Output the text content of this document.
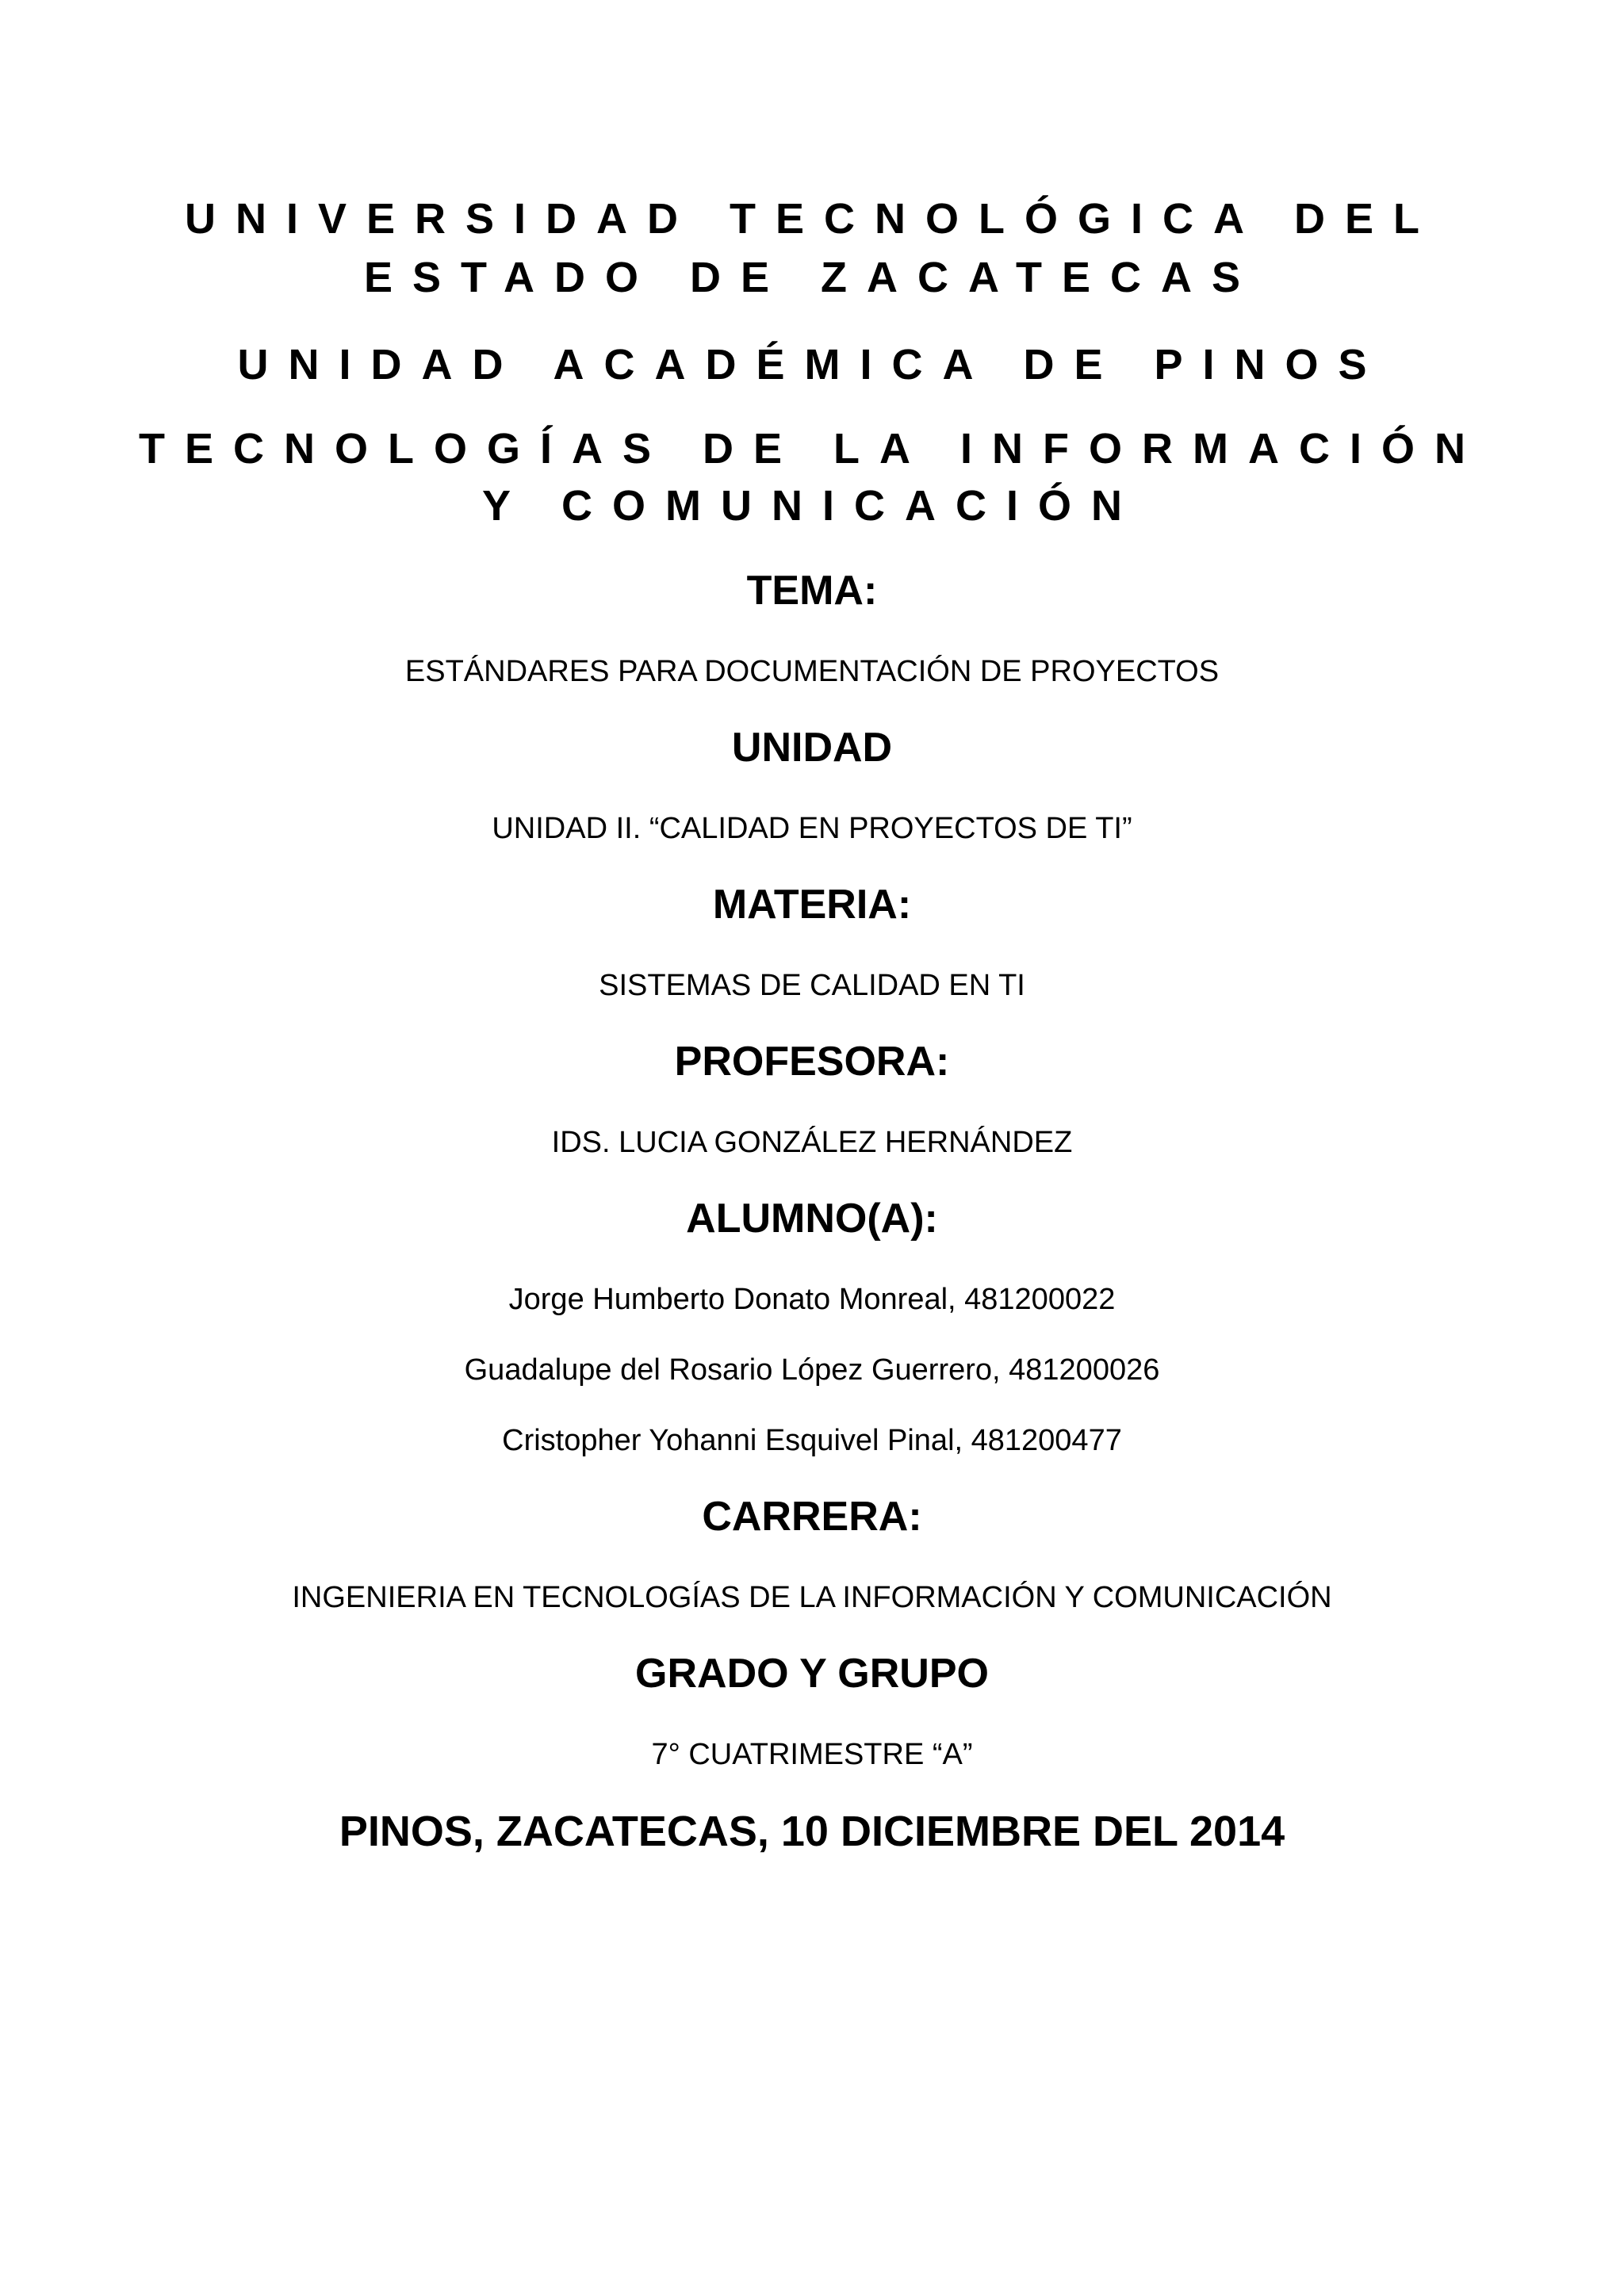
UNIVERSIDAD TECNOLÓGICA DEL
ESTADO DE ZACATECAS
UNIDAD ACADÉMICA DE PINOS
TECNOLOGÍAS DE LA INFORMACIÓN
Y COMUNICACIÓN
TEMA:
ESTÁNDARES PARA DOCUMENTACIÓN DE PROYECTOS
UNIDAD
UNIDAD II. “CALIDAD EN PROYECTOS DE TI”
MATERIA:
SISTEMAS DE CALIDAD EN TI
PROFESORA:
IDS. LUCIA GONZÁLEZ HERNÁNDEZ
ALUMNO(A):
Jorge Humberto Donato Monreal, 481200022
Guadalupe del Rosario López Guerrero, 481200026
Cristopher Yohanni Esquivel Pinal, 481200477
CARRERA:
INGENIERIA EN TECNOLOGÍAS DE LA INFORMACIÓN Y COMUNICACIÓN
GRADO Y GRUPO
7° CUATRIMESTRE “A”
PINOS, ZACATECAS, 10 DICIEMBRE DEL 2014
